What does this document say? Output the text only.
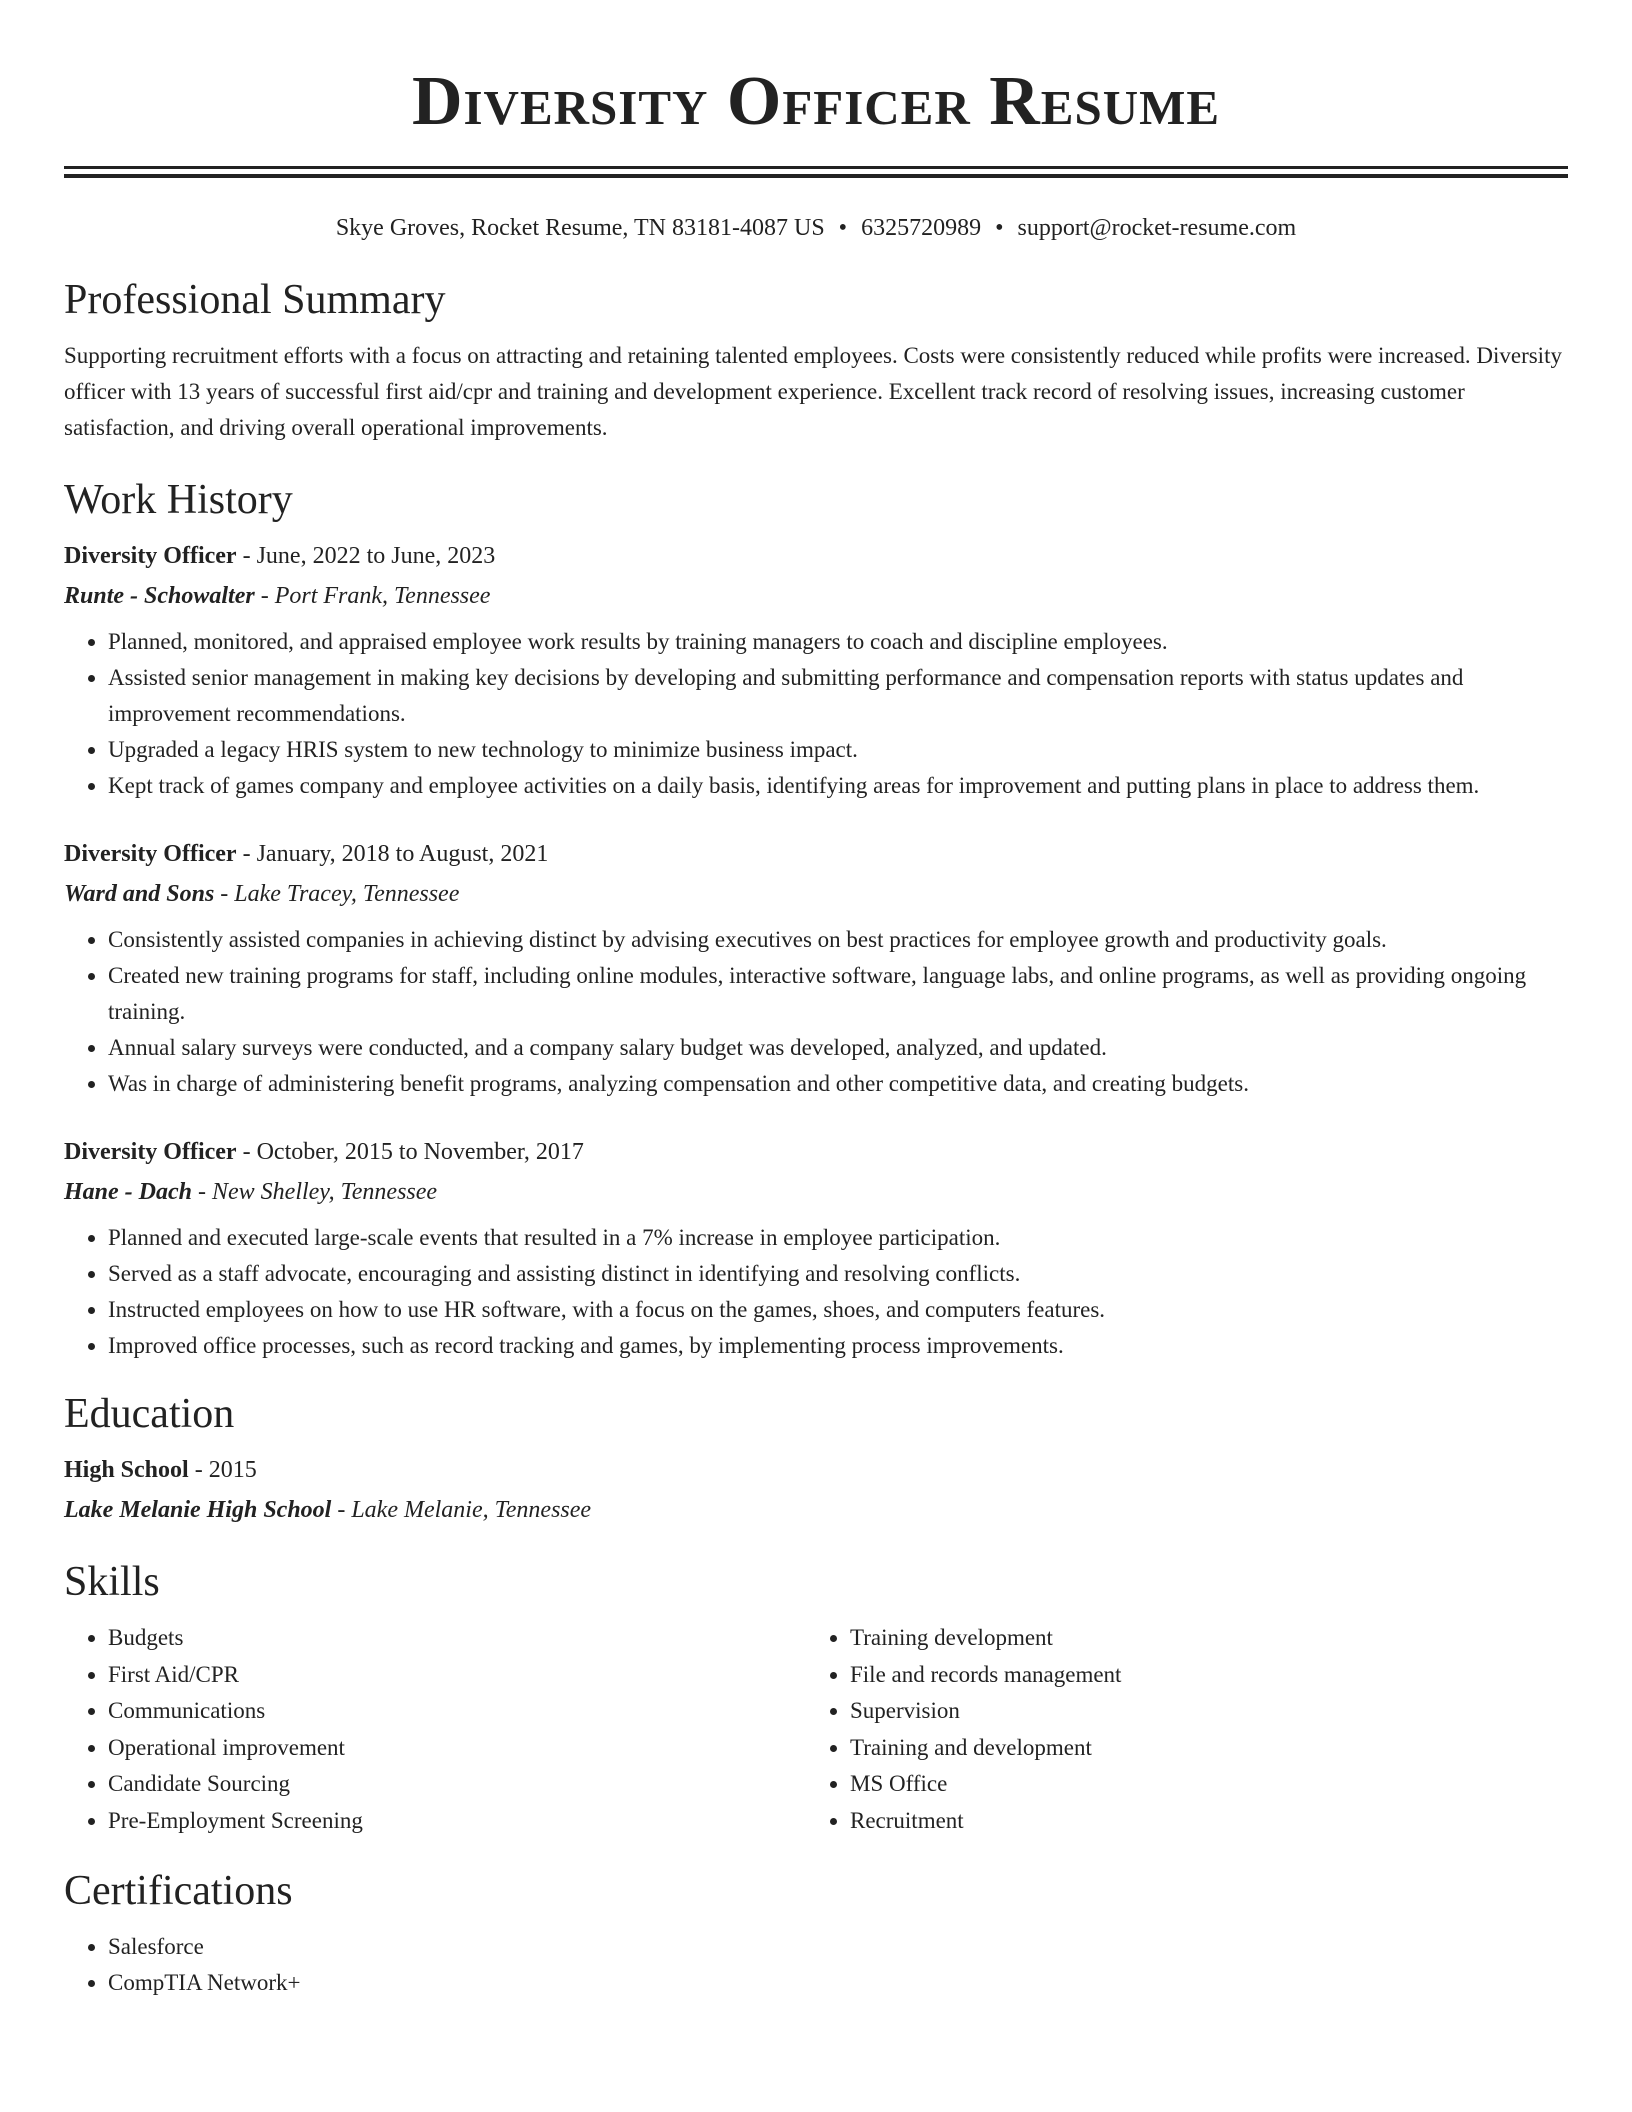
Diversity Officer Resume
Skye Groves, Rocket Resume, TN 83181-4087 US • 6325720989 • support@rocket-resume.com
Professional Summary
Supporting recruitment efforts with a focus on attracting and retaining talented employees. Costs were consistently reduced while profits were increased. Diversity officer with 13 years of successful first aid/cpr and training and development experience. Excellent track record of resolving issues, increasing customer satisfaction, and driving overall operational improvements.
Work History
Diversity Officer - June, 2022 to June, 2023
Runte - Schowalter - Port Frank, Tennessee
• Planned, monitored, and appraised employee work results by training managers to coach and discipline employees.
• Assisted senior management in making key decisions by developing and submitting performance and compensation reports with status updates and improvement recommendations.
• Upgraded a legacy HRIS system to new technology to minimize business impact.
• Kept track of games company and employee activities on a daily basis, identifying areas for improvement and putting plans in place to address them.
Diversity Officer - January, 2018 to August, 2021
Ward and Sons - Lake Tracey, Tennessee
• Consistently assisted companies in achieving distinct by advising executives on best practices for employee growth and productivity goals.
• Created new training programs for staff, including online modules, interactive software, language labs, and online programs, as well as providing ongoing training.
• Annual salary surveys were conducted, and a company salary budget was developed, analyzed, and updated.
• Was in charge of administering benefit programs, analyzing compensation and other competitive data, and creating budgets.
Diversity Officer - October, 2015 to November, 2017
Hane - Dach - New Shelley, Tennessee
• Planned and executed large-scale events that resulted in a 7% increase in employee participation.
• Served as a staff advocate, encouraging and assisting distinct in identifying and resolving conflicts.
• Instructed employees on how to use HR software, with a focus on the games, shoes, and computers features.
• Improved office processes, such as record tracking and games, by implementing process improvements.
Education
High School - 2015
Lake Melanie High School - Lake Melanie, Tennessee
Skills
• Budgets
• First Aid/CPR
• Communications
• Operational improvement
• Candidate Sourcing
• Pre-Employment Screening
• Training development
• File and records management
• Supervision
• Training and development
• MS Office
• Recruitment
Certifications
• Salesforce
• CompTIA Network+
